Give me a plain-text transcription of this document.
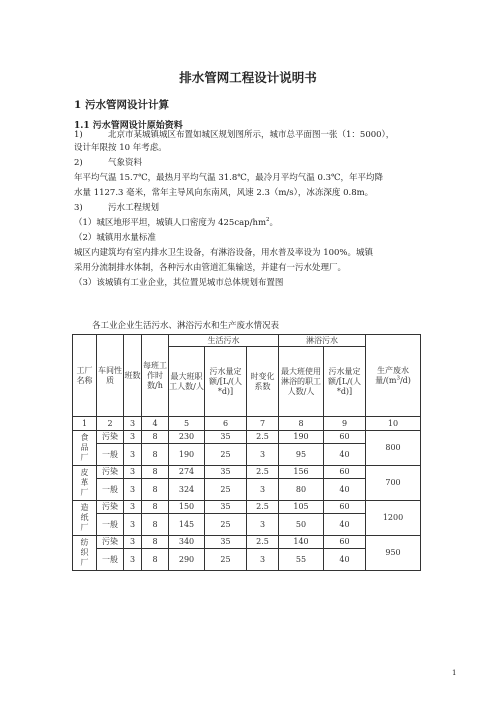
排水管网工程设计说明书
1 污水管网设计计算
1.1 污水管网设计原始资料
1)	北京市某城镇城区布置如城区规划图所示，城市总平面图一张（1：5000），
设计年限按 10 年考虑。
2)	气象资料
年平均气温 15.7℃，最热月平均气温 31.8℃，最冷月平均气温 0.3℃，年平均降
水量 1127.3 毫米，常年主导风向东南风，风速 2.3（m/s），冰冻深度 0.8m。
3)	污水工程规划
（1）城区地形平坦，城镇人口密度为 $425cap/hm^2$。
（2）城镇用水量标准
城区内建筑均有室内排水卫生设备，有淋浴设备，用水普及率设为 100%。城镇
采用分流制排水体制，各种污水由管道汇集输送，并建有一污水处理厂。
（3）该城镇有工业企业，其位置见城市总体规划布置图
各工业企业生活污水、淋浴污水和生产废水情况表
工厂名称	车间性质	班数	每班工作时数/h	生活污水			淋浴污水		生产废水量$/(m^3/d)$
				最大班职工人数/人	污水量定额/[L/(人*d)]	时变化系数	最大班使用淋浴的职工人数/人	污水量定额/[L/(人*d)]	
1	2	3	4	5	6	7	8	9	10
食品厂	污染	3	8	230	35	2.5	190	60	800
	一般	3	8	190	25	3	95	40	
皮革厂	污染	3	8	274	35	2.5	156	60	700
	一般	3	8	324	25	3	80	40	
造纸厂	污染	3	8	150	35	2.5	105	60	1200
	一般	3	8	145	25	3	50	40	
纺织厂	污染	3	8	340	35	2.5	140	60	950
	一般	3	8	290	25	3	55	40	
1
